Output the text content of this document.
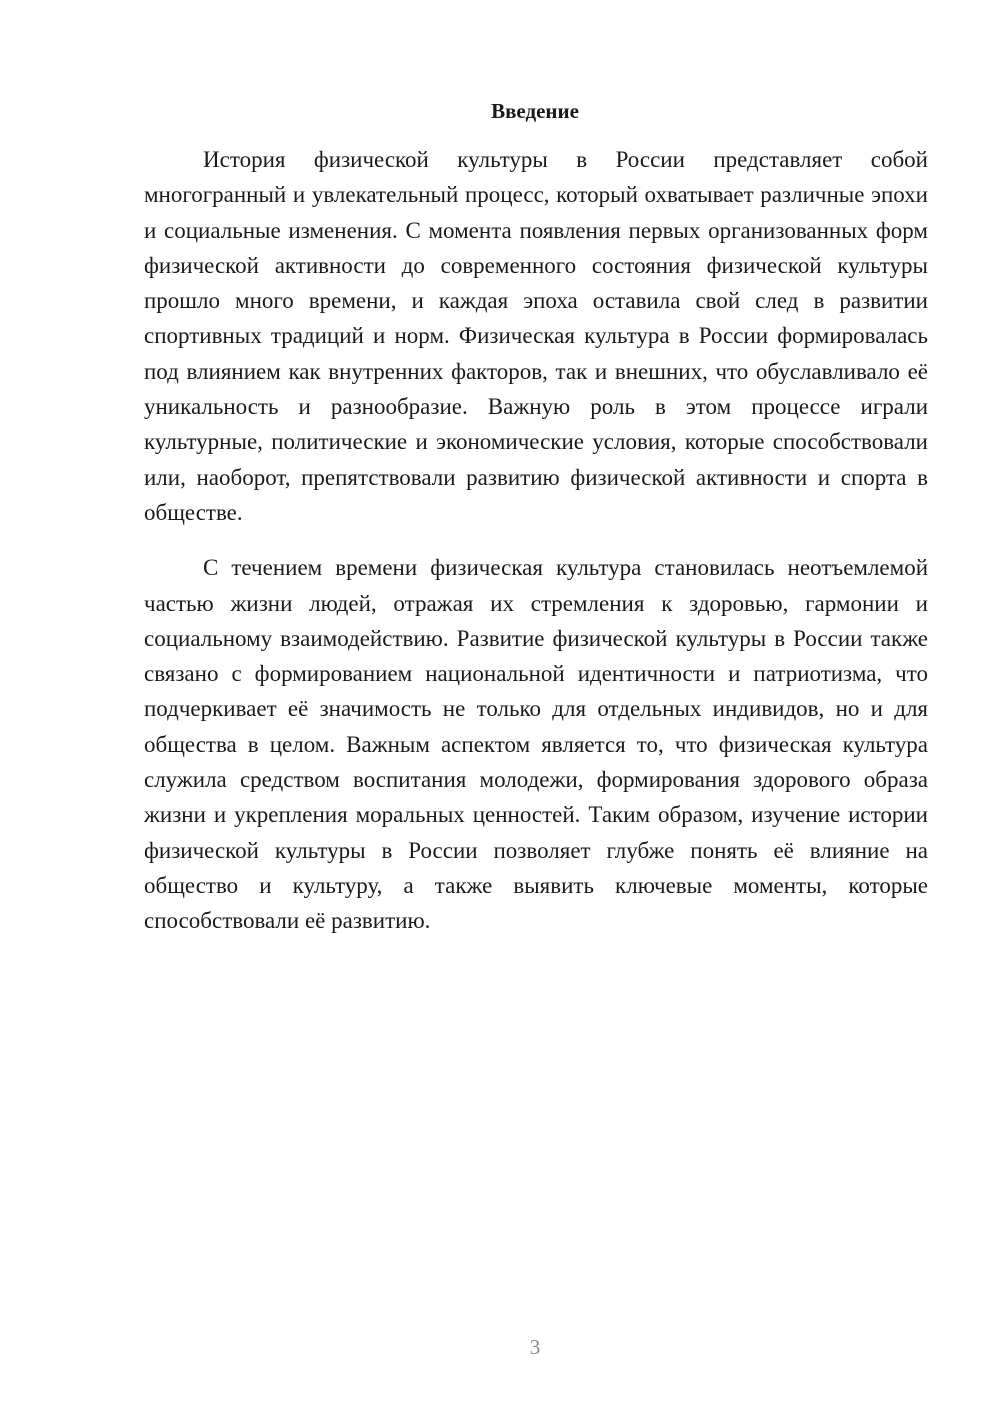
Введение

История физической культуры в России представляет собой многогранный и увлекательный процесс, который охватывает различные эпохи и социальные изменения. С момента появления первых организованных форм физической активности до современного состояния физической культуры прошло много времени, и каждая эпоха оставила свой след в развитии спортивных традиций и норм. Физическая культура в России формировалась под влиянием как внутренних факторов, так и внешних, что обуславливало её уникальность и разнообразие. Важную роль в этом процессе играли культурные, политические и экономические условия, которые способствовали или, наоборот, препятствовали развитию физической активности и спорта в обществе.

С течением времени физическая культура становилась неотъемлемой частью жизни людей, отражая их стремления к здоровью, гармонии и социальному взаимодействию. Развитие физической культуры в России также связано с формированием национальной идентичности и патриотизма, что подчеркивает её значимость не только для отдельных индивидов, но и для общества в целом. Важным аспектом является то, что физическая культура служила средством воспитания молодежи, формирования здорового образа жизни и укрепления моральных ценностей. Таким образом, изучение истории физической культуры в России позволяет глубже понять её влияние на общество и культуру, а также выявить ключевые моменты, которые способствовали её развитию.

3
